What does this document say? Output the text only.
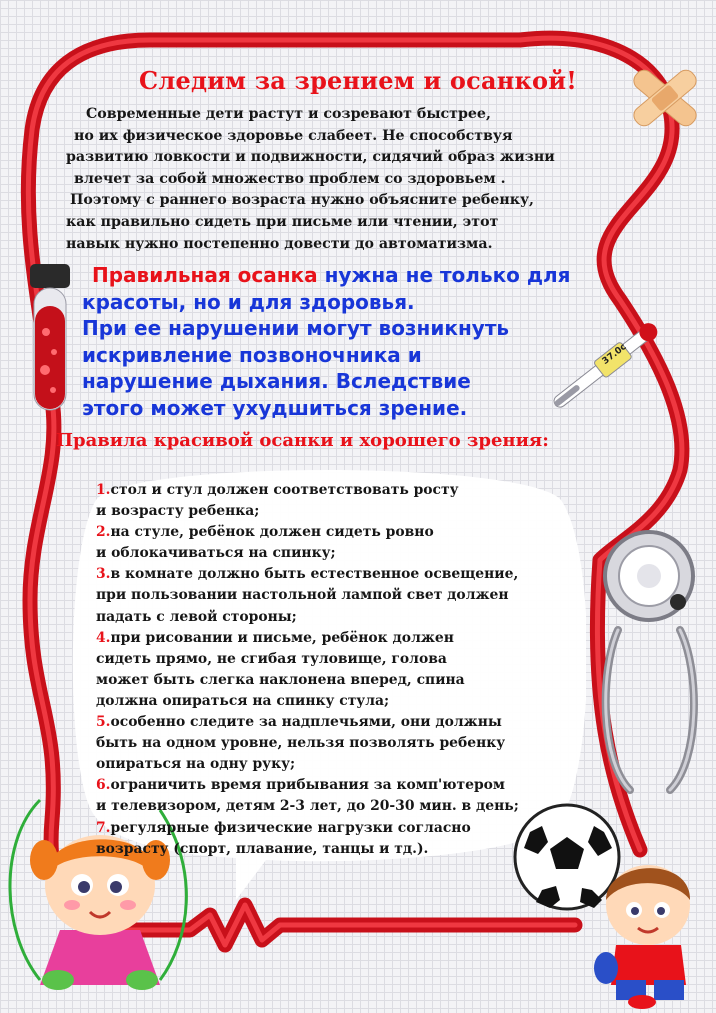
37.0c
Следим за зрением и осанкой!
Современные дети растут и созревают быстрее,
но их физическое здоровье слабеет. Не способствуя
развитию ловкости и подвижности, сидячий образ жизни
влечет за собой множество проблем со здоровьем .
Поэтому с раннего возраста нужно объясните ребенку,
как правильно сидеть при письме или чтении, этот
навык нужно постепенно довести до автоматизма.
Правильная осанка нужна не только для
красоты, но и для здоровья.
При ее нарушении могут возникнуть
искривление позвоночника и
нарушение дыхания. Вследствие
этого может ухудшиться зрение.
Правила красивой осанки и хорошего зрения:
1.стол и стул должен соответствовать росту
и возрасту ребенка;
2.на стуле, ребёнок должен сидеть ровно
и облокачиваться на спинку;
3.в комнате должно быть естественное освещение,
при пользовании настольной лампой свет должен
падать с левой стороны;
4.при рисовании и письме, ребёнок должен
сидеть прямо, не сгибая туловище, голова
может быть слегка наклонена вперед, спина
должна опираться на спинку стула;
5.особенно следите за надплечьями, они должны
быть на одном уровне, нельзя позволять ребенку
опираться на одну руку;
6.ограничить время прибывания за комп'ютером
и телевизором, детям 2-3 лет, до 20-30 мин. в день;
7.регулярные физические нагрузки согласно
возрасту (спорт, плавание, танцы и тд.).
